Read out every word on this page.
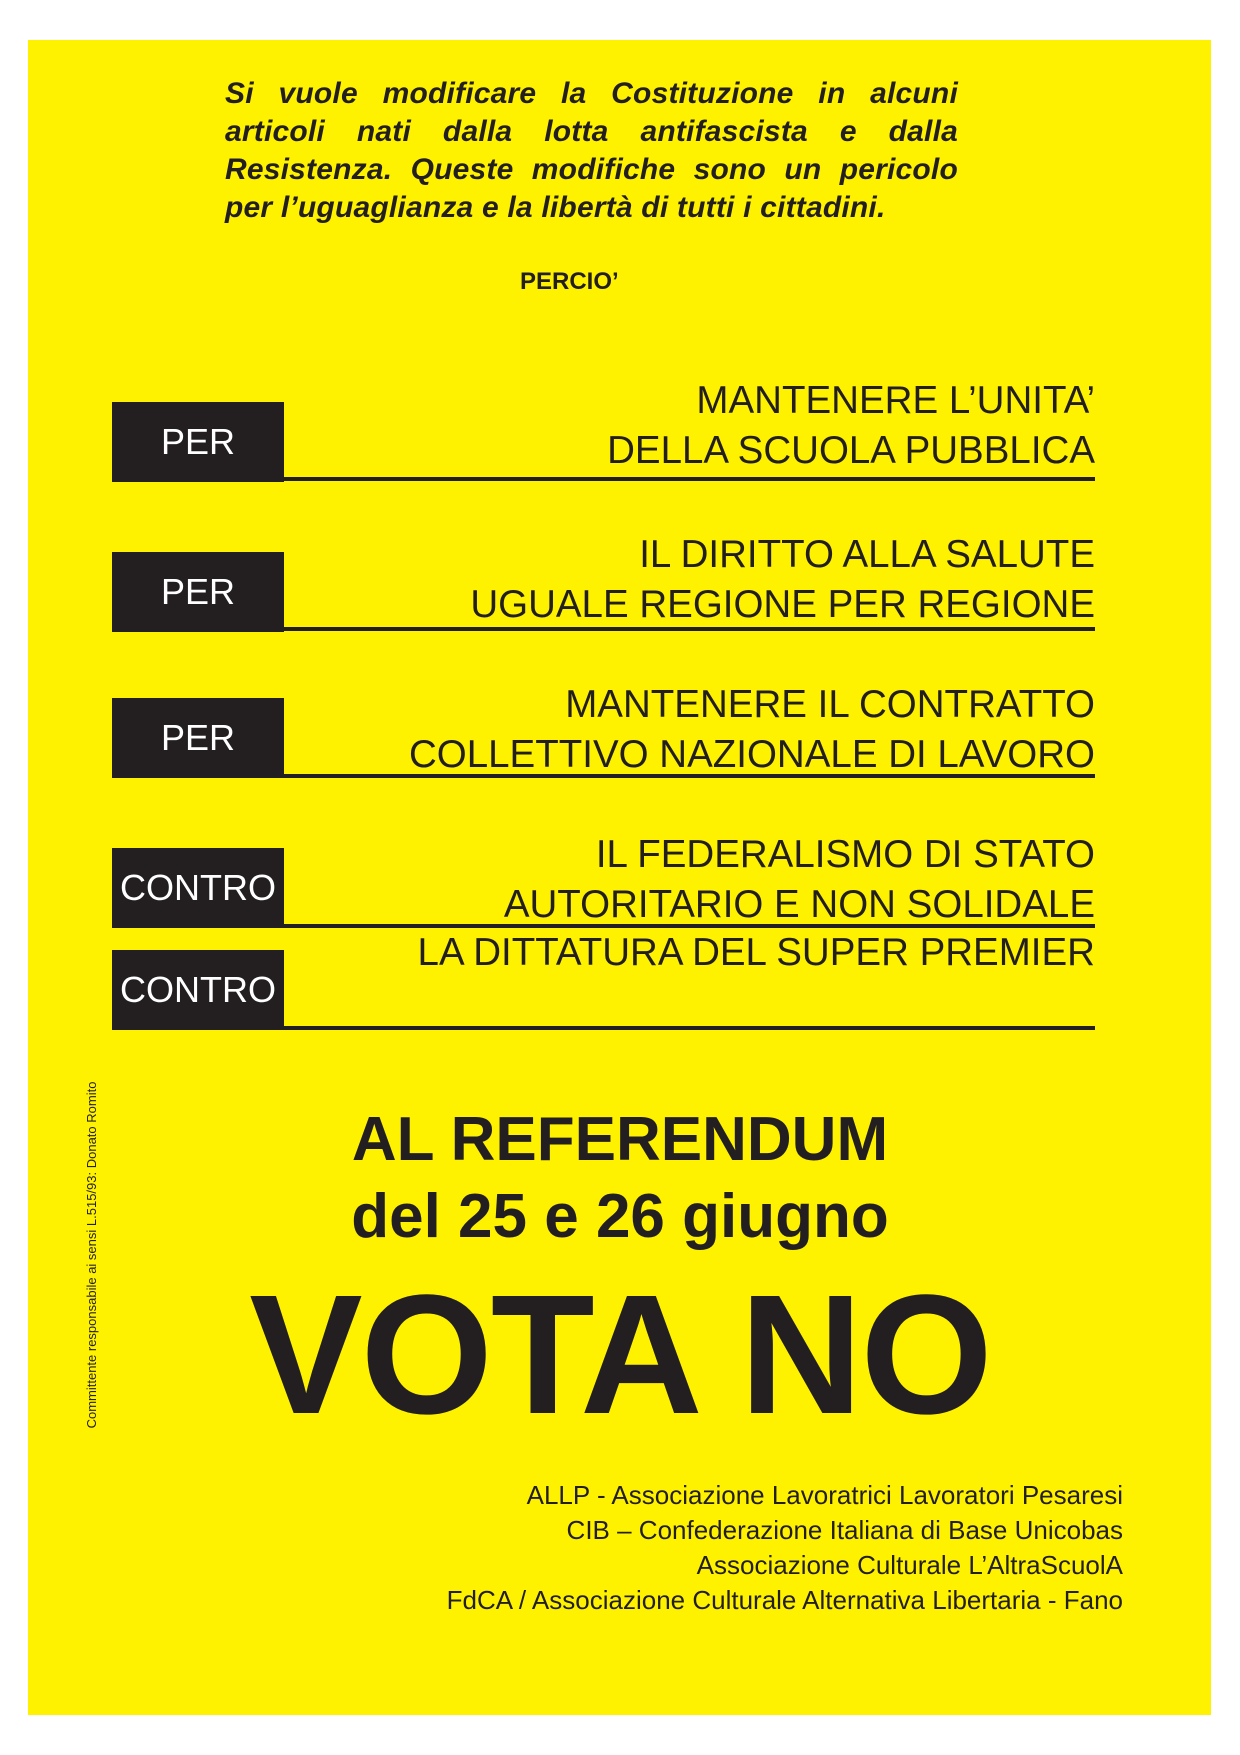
Si vuole modificare la Costituzione in alcuni articoli nati dalla lotta antifascista e dalla Resistenza. Queste modifiche sono un pericolo per l’uguaglianza e la libertà di tutti i cittadini.

PERCIO’

PER
MANTENERE L’UNITA’
DELLA SCUOLA PUBBLICA
PER
IL DIRITTO ALLA SALUTE
UGUALE REGIONE PER REGIONE
PER
MANTENERE IL CONTRATTO
COLLETTIVO NAZIONALE DI LAVORO
CONTRO
IL FEDERALISMO DI STATO
AUTORITARIO E NON SOLIDALE
CONTRO
LA DITTATURA DEL SUPER PREMIER
AL REFERENDUM
del 25 e 26 giugno
VOTA NO
ALLP - Associazione Lavoratrici Lavoratori Pesaresi
CIB – Confederazione Italiana di Base Unicobas
Associazione Culturale L’AltraScuolA
FdCA / Associazione Culturale Alternativa Libertaria - Fano
Committente responsabile ai sensi L.515/93: Donato Romito
